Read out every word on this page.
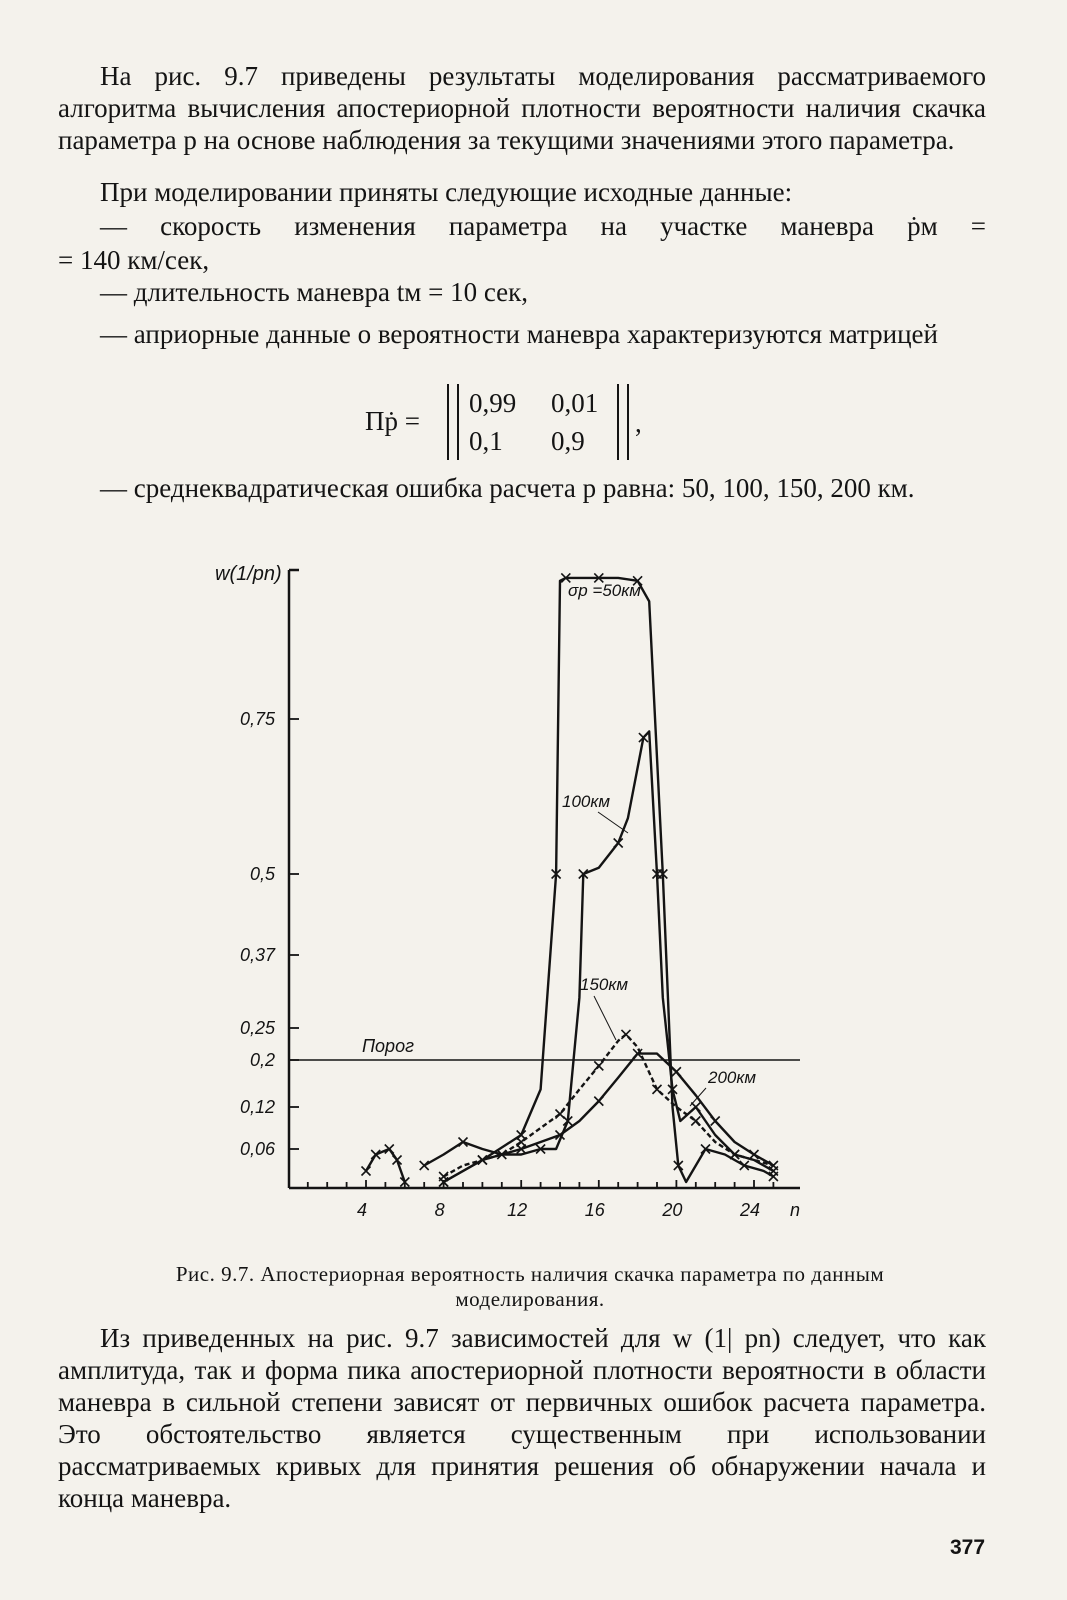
На рис. 9.7 приведены результаты моделирования рассматриваемого алгоритма вычисления апостериорной плотности вероятности наличия скачка параметра p на основе наблюдения за текущими значениями этого параметра.

При моделировании приняты следующие исходные данные:

— скорость изменения параметра на участке маневра ṗм =

= 140 км/сек,
— длительность маневра tм = 10 сек,

— априорные данные о вероятности маневра характеризуются матрицей

Пṗ =
0,99 0,01
0,1 0,9
,

— среднеквадратическая ошибка расчета p равна: 50, 100, 150, 200 км.

4	8	12	16	20	24 n
0,06
0,12
0,2
0,25
0,37
0,5
0,75
w(1/pn)
Порог
σp =50км
100км
150км
200км
Рис. 9.7. Апостериорная вероятность наличия скачка параметра по данным моделирования.

Из приведенных на рис. 9.7 зависимостей для w (1| pn) следует, что как амплитуда, так и форма пика апостериорной плотности вероятности в области маневра в сильной степени зависят от первичных ошибок расчета параметра. Это обстоятельство является существенным при использовании рассматриваемых кривых для принятия решения об обнаружении начала и конца маневра.

377
